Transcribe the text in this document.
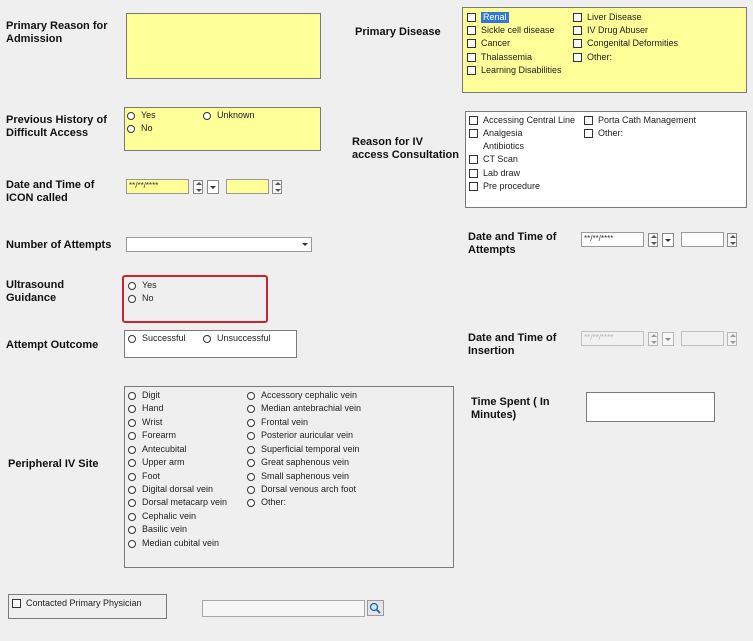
Primary Reason for Admission
Primary Disease
Renal
Sickle cell disease
Cancer
Thalassemia
Learning Disabilities
Liver Disease
IV Drug Abuser
Congenital Deformities
Other:
Previous History of Difficult Access
Yes
No
Unknown
Reason for IV access Consultation
Accessing Central Line
Analgesia
Antibiotics
CT Scan
Lab draw
Pre procedure
Porta Cath Management
Other:
Date and Time of ICON called
**/**/****
Number of Attempts
Date and Time of Attempts
**/**/****
Ultrasound Guidance
Yes
No
Attempt Outcome
Successful	Unsuccessful	Date and Time of Insertion
**/**/****
Peripheral IV Site
Digit
Hand
Wrist
Forearm
Antecubital
Upper arm
Foot
Digital dorsal vein
Dorsal metacarp vein
Cephalic vein
Basilic vein
Median cubital vein
Accessory cephalic vein
Median antebrachial vein
Frontal vein
Posterior auricular vein
Superficial temporal vein
Great saphenous vein
Small saphenous vein
Dorsal venous arch foot
Other:
Time Spent ( In Minutes)
Contacted Primary Physician
